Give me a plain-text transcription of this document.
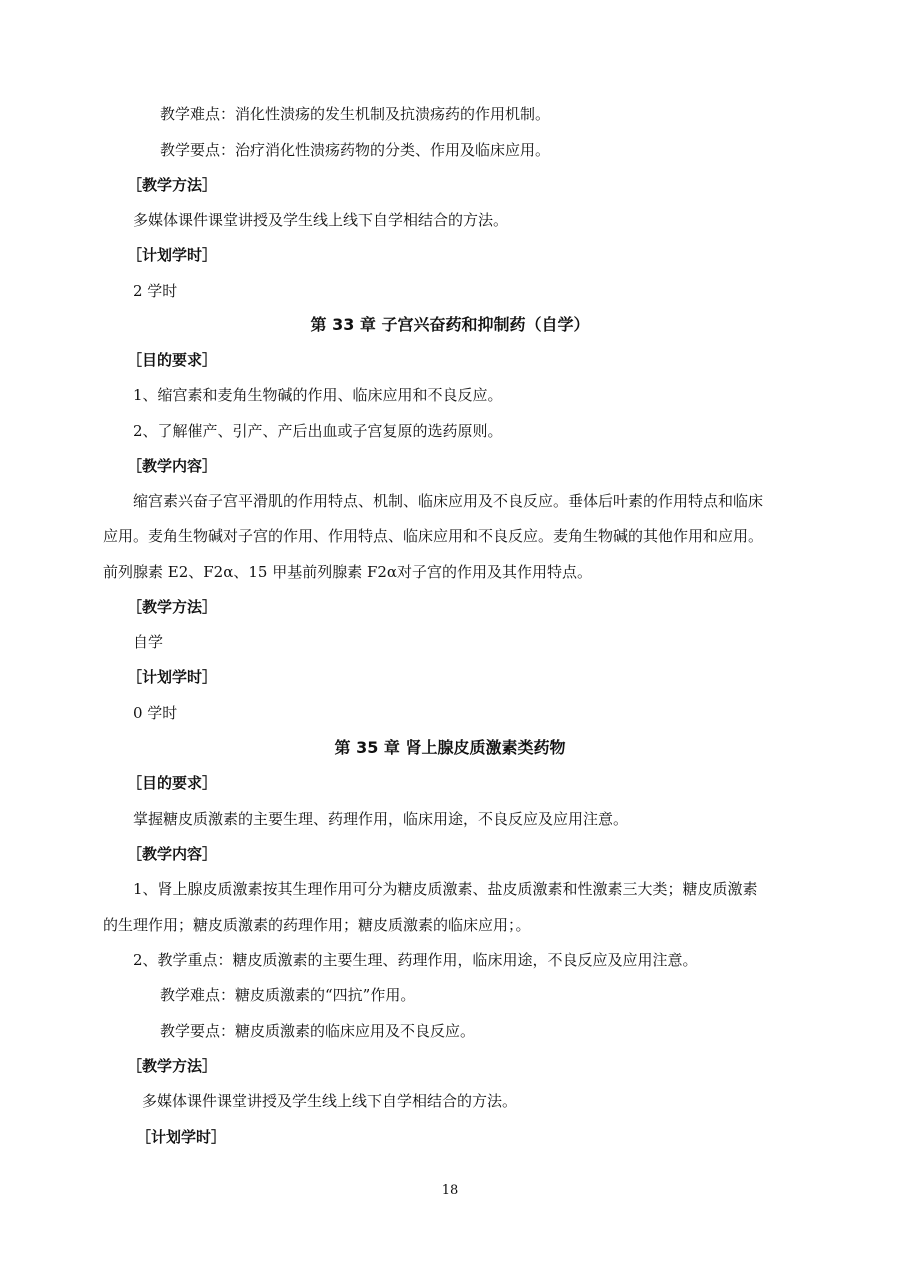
教学难点：消化性溃疡的发生机制及抗溃疡药的作用机制。
教学要点：治疗消化性溃疡药物的分类、作用及临床应用。
［教学方法］
多媒体课件课堂讲授及学生线上线下自学相结合的方法。
［计划学时］
2 学时
第 33 章 子宫兴奋药和抑制药（自学）
［目的要求］
1、缩宫素和麦角生物碱的作用、临床应用和不良反应。
2、了解催产、引产、产后出血或子宫复原的选药原则。
［教学内容］
缩宫素兴奋子宫平滑肌的作用特点、机制、临床应用及不良反应。垂体后叶素的作用特点和临床
应用。麦角生物碱对子宫的作用、作用特点、临床应用和不良反应。麦角生物碱的其他作用和应用。
前列腺素 E2、F2α、15 甲基前列腺素 F2α对子宫的作用及其作用特点。
［教学方法］
自学
［计划学时］
0 学时
第 35 章 肾上腺皮质激素类药物
［目的要求］
掌握糖皮质激素的主要生理、药理作用，临床用途，不良反应及应用注意。
［教学内容］
1、肾上腺皮质激素按其生理作用可分为糖皮质激素、盐皮质激素和性激素三大类；糖皮质激素
的生理作用；糖皮质激素的药理作用；糖皮质激素的临床应用；。
2、教学重点：糖皮质激素的主要生理、药理作用，临床用途，不良反应及应用注意。
教学难点：糖皮质激素的“四抗”作用。
教学要点：糖皮质激素的临床应用及不良反应。
［教学方法］
多媒体课件课堂讲授及学生线上线下自学相结合的方法。
［计划学时］
18
